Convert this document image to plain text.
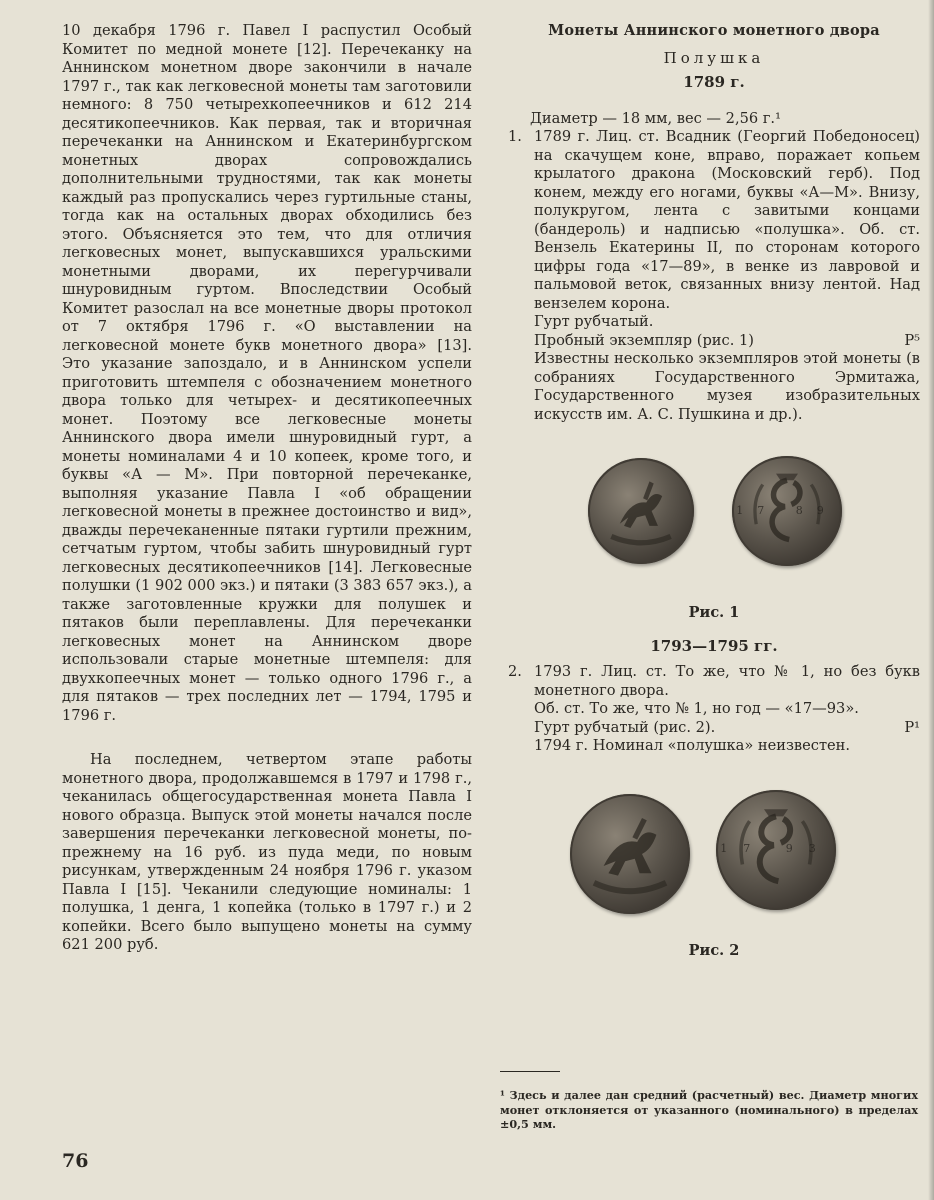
10 декабря 1796 г. Павел I распустил Особый Комитет по медной монете [12]. Перечеканку на Аннинском монетном дворе закончили в начале 1797 г., так как легковесной монеты там заготовили немного: 8 750 четырехкопеечников и 612 214 десятикопеечников. Как первая, так и вторичная перечеканки на Аннинском и Екатеринбургском монетных дворах сопровождались дополнительными трудностями, так как монеты каждый раз пропускались через гуртильные станы, тогда как на остальных дворах обходились без этого. Объясняется это тем, что для отличия легковесных монет, выпускавшихся уральскими монетными дворами, их перегурчивали шнуровидным гуртом. Впоследствии Особый Комитет разослал на все монетные дворы протокол от 7 октября 1796 г. «О выставлении на легковесной монете букв монетного двора» [13]. Это указание запоздало, и в Аннинском успели приготовить штемпеля с обозначением монетного двора только для четырех- и десятикопеечных монет. Поэтому все легковесные монеты Аннинского двора имели шнуровидный гурт, а монеты номиналами 4 и 10 копеек, кроме того, и буквы «А — М». При повторной перечеканке, выполняя указание Павла I «об обращении легковесной монеты в прежнее достоинство и вид», дважды перечеканенные пятаки гуртили прежним, сетчатым гуртом, чтобы забить шнуровидный гурт легковесных десятикопеечников [14]. Легковесные полушки (1 902 000 экз.) и пятаки (3 383 657 экз.), а также заготовленные кружки для полушек и пятаков были переплавлены. Для перечеканки легковесных монет на Аннинском дворе использовали старые монетные штемпеля: для двухкопеечных монет — только одного 1796 г., а для пятаков — трех последних лет — 1794, 1795 и 1796 г.

На последнем, четвертом этапе работы монетного двора, продолжавшемся в 1797 и 1798 г., чеканилась общегосударственная монета Павла I нового образца. Выпуск этой монеты начался после завершения перечеканки легковесной монеты, по-прежнему на 16 руб. из пуда меди, по новым рисункам, утвержденным 24 ноября 1796 г. указом Павла I [15]. Чеканили следующие номиналы: 1 полушка, 1 денга, 1 копейка (только в 1797 г.) и 2 копейки. Всего было выпущено монеты на сумму 621 200 руб.

Монеты Аннинского монетного двора
Полушка
1789 г.
Диаметр — 18 мм, вес — 2,56 г.¹
1. 1789 г. Лиц. ст. Всадник (Георгий Победоносец) на скачущем коне, вправо, поражает копьем крылатого дракона (Московский герб). Под конем, между его ногами, буквы «А—М». Внизу, полукругом, лента с завитыми концами (бандероль) и надписью «полушка». Об. ст. Вензель Екатерины II, по сторонам которого цифры года «17—89», в венке из лавровой и пальмовой веток, связанных внизу лентой. Над вензелем корона.
Гурт рубчатый.
Пробный экземпляр (рис. 1)	Р⁵
Известны несколько экземпляров этой монеты (в собраниях Государственного Эрмитажа, Государственного музея изобразительных искусств им. А. С. Пушкина и др.).
17 89
Рис. 1
1793—1795 гг.
2. 1793 г. Лиц. ст. То же, что № 1, но без букв монетного двора.
Об. ст. То же, что № 1, но год — «17—93».
Гурт рубчатый (рис. 2).	Р¹
1794 г. Номинал «полушка» неизвестен.
17 93
Рис. 2
¹ Здесь и далее дан средний (расчетный) вес. Диаметр многих монет отклоняется от указанного (номинального) в пределах ±0,5 мм.
76
